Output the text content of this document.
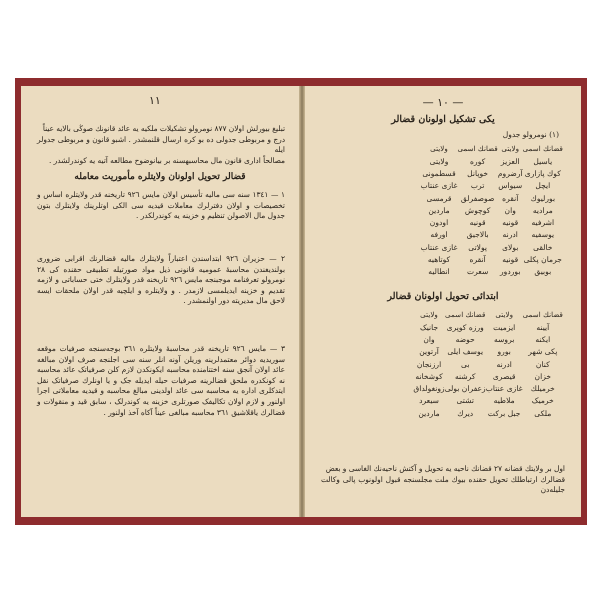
١١
تبلیغ بیورلش اولان ٨٧٧ نومرولو تشکیلات ملکیه یه عائد قانونك صوڭی بالایه عیناً
درج و مربوطی جدولی ده بو کره ارسال قلنمشدر . اشبو قانون و مربوطی جدولر ایله
مصالحاً اداری قانون مال محاسبهسنه بر بیانوضوح مطالعه آتیه یه کوندرلشدر .
قضالر تحویل اولونان ولایتلره مأموریت معامله
١ — ١٣٤١ سنه سی مالیه تأسیس اولان مایس ٩٢٦ تاریخنه قدر ولایتلره اساس و تخصیصات و اولان دفترلرك معاملات قیدیه سی الکی اوتلرینك ولایتلرك بتون جدول مال الاصولن تنظیم و خزینه یه کوندرلکدر .
٢ — حزیران ٩٢٦ ابتداسندن اعتباراً ولایتلرك مالیه قضالرنك اقرابی ضروری بولندیغندن محاسبهٔ عمومیه قانونی ذیل مواد صورتیله تطبیقی حقنده کی ٢٨ نومرولو تعرفنامه موجبنجه مایس ٩٢٦ تاریخنه قدر ولایتلرك ختی حساباتی و لازمه تقدیم و خزینه ایدیلمسی لازمدر . و ولایتلره و ایلچیه قدر اولان ملحقات ایسه لاحق مال مدیریته دور اولنمشدر .
٣ — مایس ٩٢٦ تاریخنه قدر محاسبهٔ ولایتلره ٣٦١ بوجه‌سنجه صرفیات موقعه سوریدیه دوائر معتمدلرینه وریلن آونه انلر سنه سی اجلنجه صرف اولان مبالغه عائد اولان آنجق سنه اختتامنده محاسبه ایکونکدن لازم کلن صرفیاتک عائد محاسبه نه کونکدره ملحق قضالرینه صرفیات حیله ایدیله جک و یا اونلرك صرفیاتک نقل ایتدکلری اداره یه محاسبه سی عائد اولدینی مبالغ محاسبه و قیدیه معاملاتی اجرا اولنور و لازم اولان تکالیفک صورتلری خزینه یه کوندرلک ، سابق قید و منقولات و قضالرك یاقلاشیق ٣٦١ محاسبه مبالغی عیناً آکاه آخذ اولنور .
— ١٠ —
یکی تشکیل اولونان قضالر
(١) نومرولو جدول
قضانك اسمی	ولایتی	قضانك اسمی	ولایتی
یاسیل	العزیز	کوره	ولایتی
کوك پازاری	آرضروم	خوپانل	قسطمونی
ایچل	سیواس	ترب	غازی عنتاب
بورلیوك	آنقره	صوصفرلق	قرمسی
مرادیه	وان	کوچوش	ماردین
اشرفیه	قونیه	قونیه	اودون
یوسفیه	ادرنه	بالاجیق	اورفه
خالقی	بولای	پولاتی	غازی عنتاب
جرمان پکلی	قونیه	آنقره	کوتاهیه
بوبیق	بوردور	سعرت	انطالیه
ابتدائی تحویل اولونان قضالر
قضانك اسمی	ولایتی	قضانك اسمی	ولایتی
آیینه	ایزمیت	ورزه کوپری	جانیک
ایکنه	بروسه	حوضه	وان
پکی شهر	بورو	یوسف ایلی	آرتوین
کنان	ادرنه	بی	ارزنجان
خزان	قیصری	کرشنه	کوشخانه
خرمیلك	غازی عنتاب	زعفران بولی	زونغولداق
خرمیک	ملاطیه	تشتی	سیعرد
ملكی	جبل برکت	دیرك	ماردین
اول بر ولایتك قضانه ٢٧ قضانك ناحیه یه تحویل و آکتش ناحیه‌نك الغاسی و بعض
قضالرك ارتباطلك تحویل حقنده بیوك ملت مجلسنجه قبول اولونوب پالی وکالت جلیله‌دن
